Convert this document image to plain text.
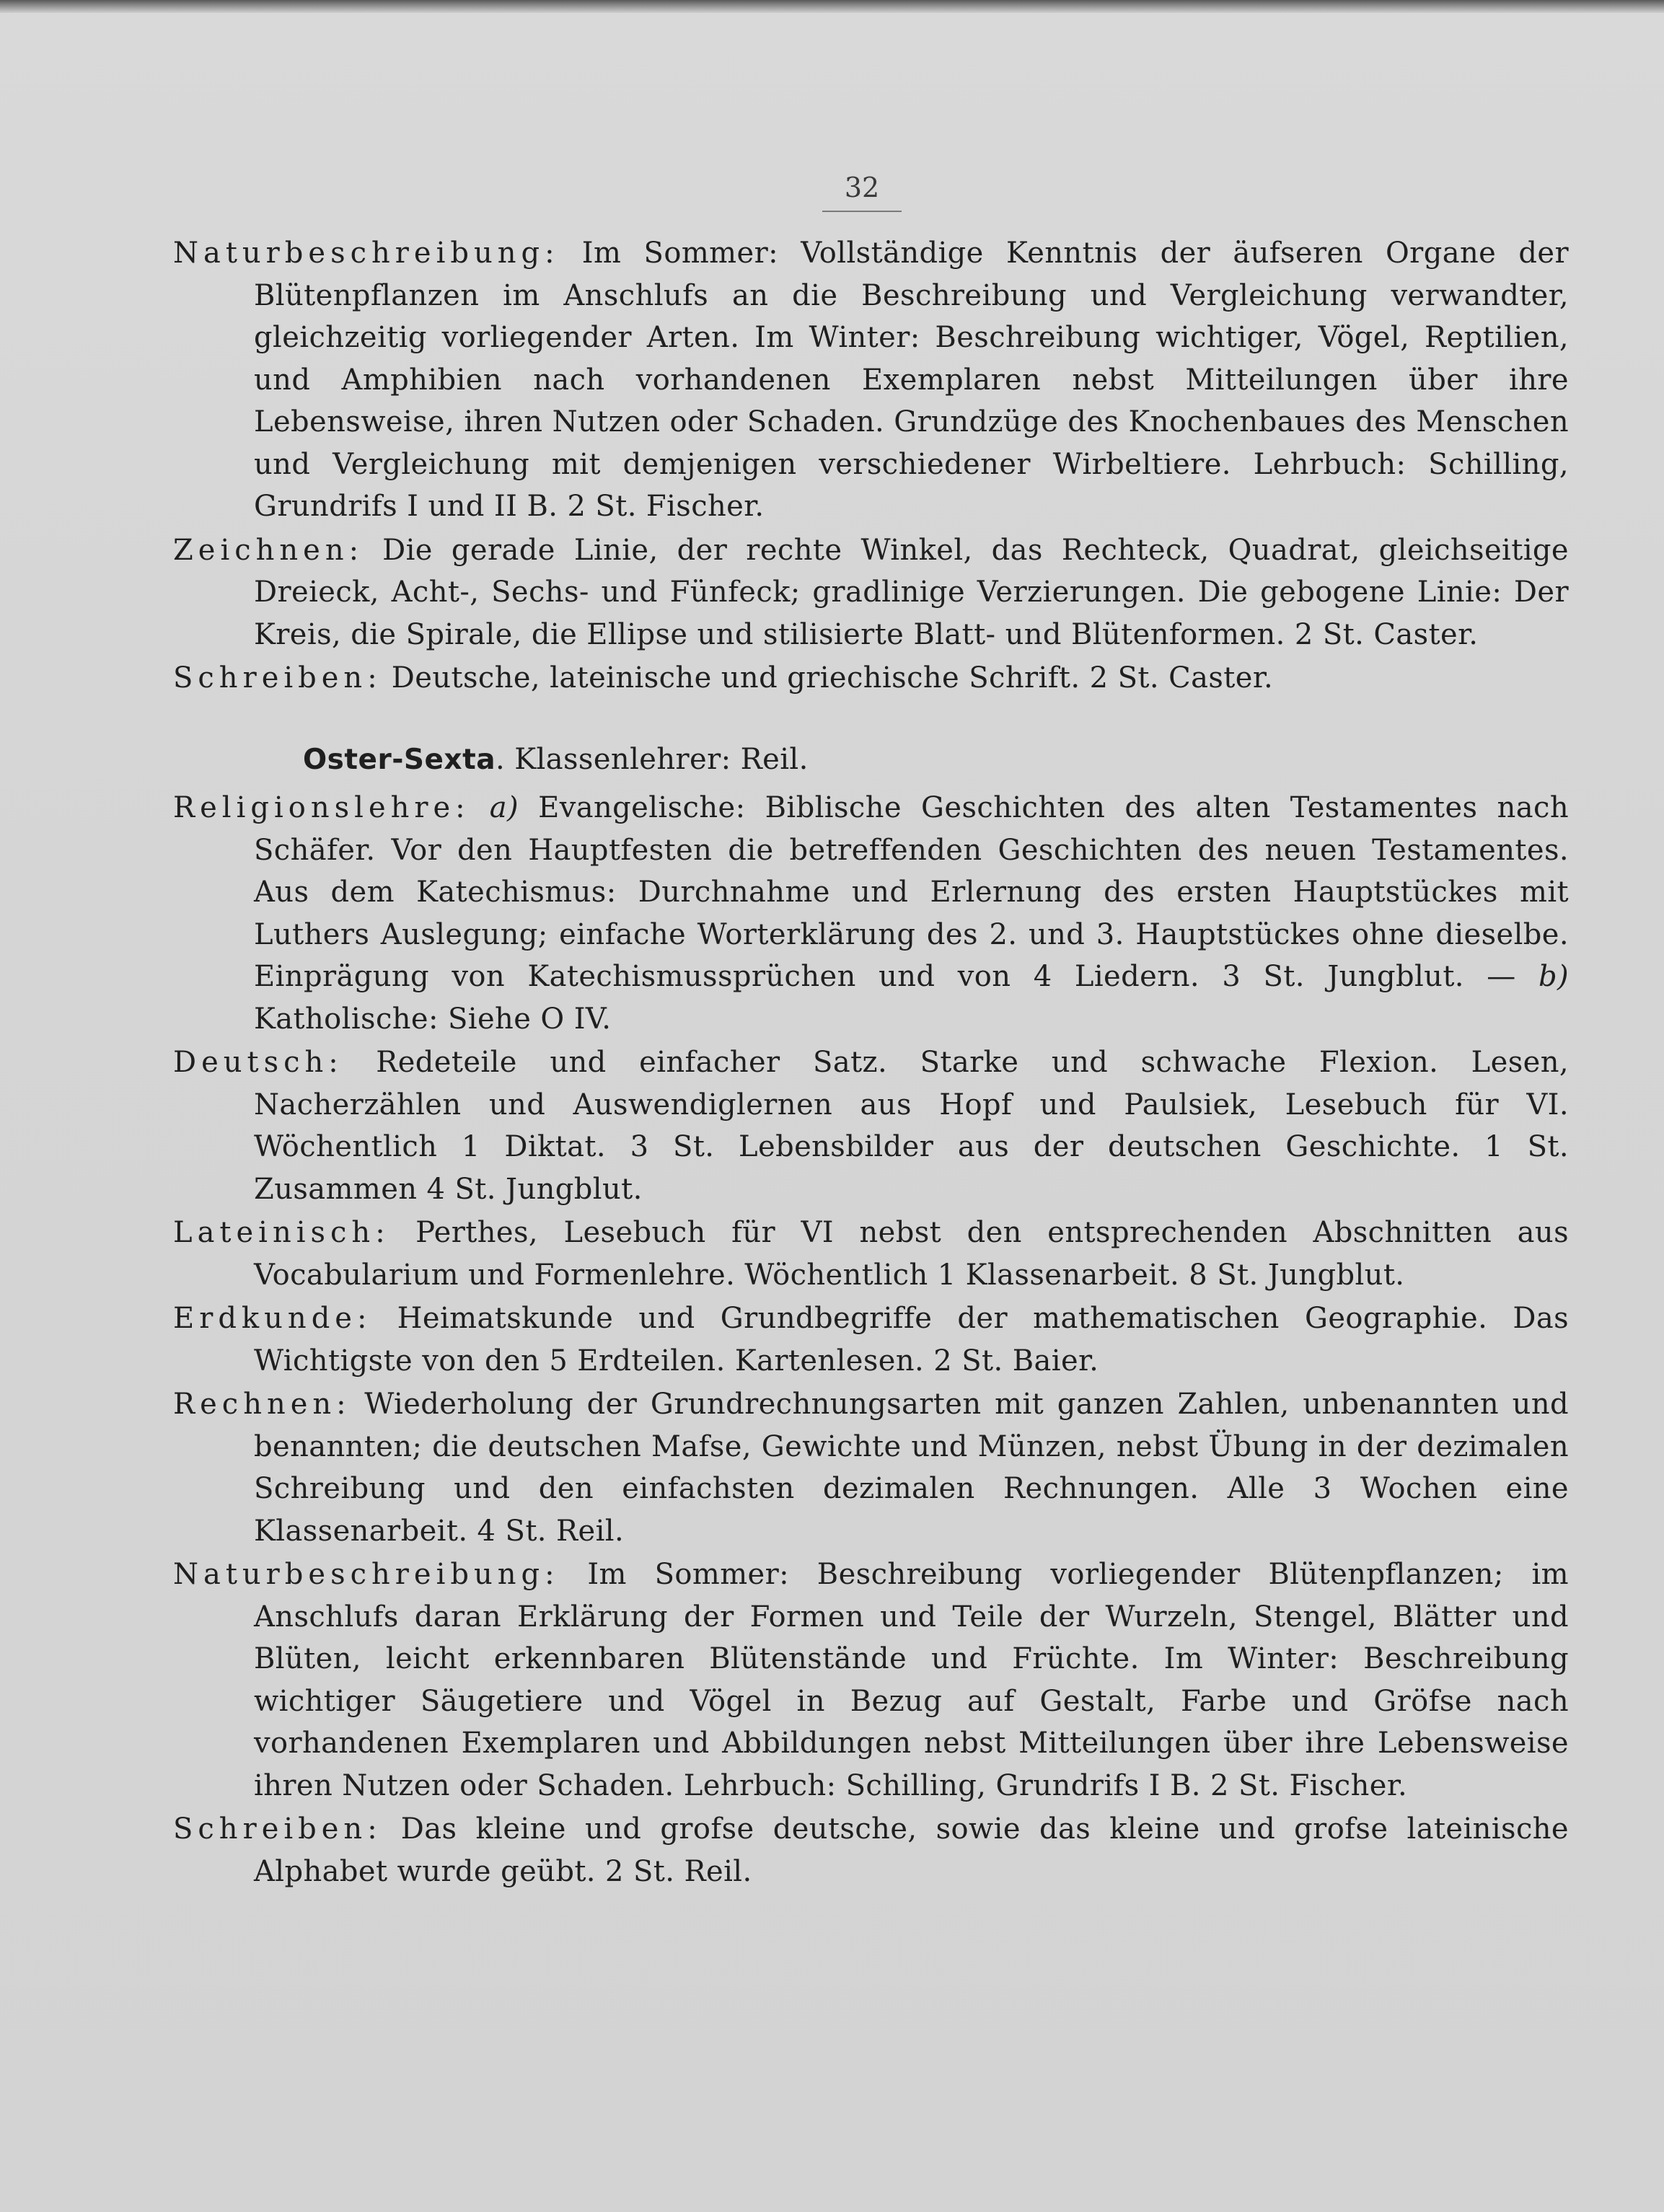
32

Naturbeschreibung: Im Sommer: Vollständige Kenntnis der äufseren Organe der Blütenpflanzen im Anschlufs an die Beschreibung und Vergleichung verwandter, gleichzeitig vorliegender Arten. Im Winter: Beschreibung wichtiger, Vögel, Reptilien, und Amphibien nach vorhandenen Exemplaren nebst Mitteilungen über ihre Lebensweise, ihren Nutzen oder Schaden. Grundzüge des Knochenbaues des Menschen und Vergleichung mit demjenigen verschiedener Wirbeltiere. Lehrbuch: Schilling, Grundrifs I und II B. 2 St. Fischer.

Zeichnen: Die gerade Linie, der rechte Winkel, das Rechteck, Quadrat, gleichseitige Dreieck, Acht-, Sechs- und Fünfeck; gradlinige Verzierungen. Die gebogene Linie: Der Kreis, die Spirale, die Ellipse und stilisierte Blatt- und Blütenformen. 2 St. Caster.

Schreiben: Deutsche, lateinische und griechische Schrift. 2 St. Caster.

Oster-Sexta. Klassenlehrer: Reil.

Religionslehre: a) Evangelische: Biblische Geschichten des alten Testamentes nach Schäfer. Vor den Hauptfesten die betreffenden Geschichten des neuen Testamentes. Aus dem Katechismus: Durchnahme und Erlernung des ersten Hauptstückes mit Luthers Auslegung; einfache Worterklärung des 2. und 3. Hauptstückes ohne dieselbe. Einprägung von Katechismussprüchen und von 4 Liedern. 3 St. Jungblut. — b) Katholische: Siehe O IV.

Deutsch: Redeteile und einfacher Satz. Starke und schwache Flexion. Lesen, Nacherzählen und Auswendiglernen aus Hopf und Paulsiek, Lesebuch für VI. Wöchentlich 1 Diktat. 3 St. Lebensbilder aus der deutschen Geschichte. 1 St. Zusammen 4 St. Jungblut.

Lateinisch: Perthes, Lesebuch für VI nebst den entsprechenden Abschnitten aus Vocabularium und Formenlehre. Wöchentlich 1 Klassenarbeit. 8 St. Jungblut.

Erdkunde: Heimatskunde und Grundbegriffe der mathematischen Geographie. Das Wichtigste von den 5 Erdteilen. Kartenlesen. 2 St. Baier.

Rechnen: Wiederholung der Grundrechnungsarten mit ganzen Zahlen, unbenannten und benannten; die deutschen Mafse, Gewichte und Münzen, nebst Übung in der dezimalen Schreibung und den einfachsten dezimalen Rechnungen. Alle 3 Wochen eine Klassenarbeit. 4 St. Reil.

Naturbeschreibung: Im Sommer: Beschreibung vorliegender Blütenpflanzen; im Anschlufs daran Erklärung der Formen und Teile der Wurzeln, Stengel, Blätter und Blüten, leicht erkennbaren Blütenstände und Früchte. Im Winter: Beschreibung wichtiger Säugetiere und Vögel in Bezug auf Gestalt, Farbe und Gröfse nach vorhandenen Exemplaren und Abbildungen nebst Mitteilungen über ihre Lebensweise ihren Nutzen oder Schaden. Lehrbuch: Schilling, Grundrifs I B. 2 St. Fischer.

Schreiben: Das kleine und grofse deutsche, sowie das kleine und grofse lateinische Alphabet wurde geübt. 2 St. Reil.
